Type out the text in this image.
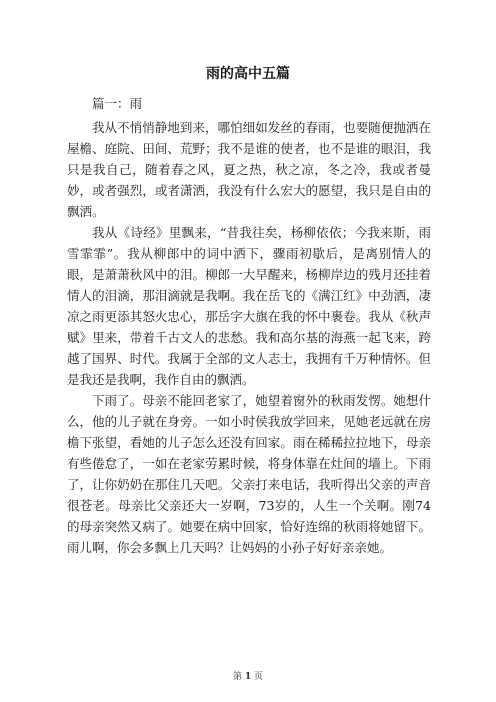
雨的高中五篇
篇一：雨

我从不悄悄静地到来，哪怕细如发丝的春雨，也要随便抛洒在屋檐、庭院、田间、荒野；我不是谁的使者，也不是谁的眼泪，我只是我自己，随着春之风，夏之热，秋之凉，冬之冷，我或者曼妙，或者强烈，或者潇洒，我没有什么宏大的愿望，我只是自由的飘洒。

我从《诗经》里飘来，“昔我往矣，杨柳依依；今我来斯，雨雪霏霏”。我从柳郎中的词中洒下，骤雨初歇后，是离别情人的眼，是萧萧秋风中的泪。柳郎一大早醒来，杨柳岸边的残月还挂着情人的泪滴，那泪滴就是我啊。我在岳飞的《满江红》中劲洒，凄凉之雨更添其怒火忠心，那岳字大旗在我的怀中裹卷。我从《秋声赋》里来，带着千古文人的悲愁。我和高尔基的海燕一起飞来，跨越了国界、时代。我属于全部的文人志士，我拥有千万种情怀。但是我还是我啊，我作自由的飘洒。

下雨了。母亲不能回老家了，她望着窗外的秋雨发愣。她想什么，他的儿子就在身旁。一如小时侯我放学回来，见她老远就在房檐下张望，看她的儿子怎么还没有回家。雨在稀稀拉拉地下，母亲有些倦怠了，一如在老家劳累时候，将身体靠在灶间的墙上。下雨了，让你奶奶在那住几天吧。父亲打来电话，我听得出父亲的声音很苍老。母亲比父亲还大一岁啊，73岁的，人生一个关啊。刚74的母亲突然又病了。她要在病中回家，恰好连绵的秋雨将她留下。雨儿啊，你会多飘上几天吗？让妈妈的小孙子好好亲亲她。

第 1 页
